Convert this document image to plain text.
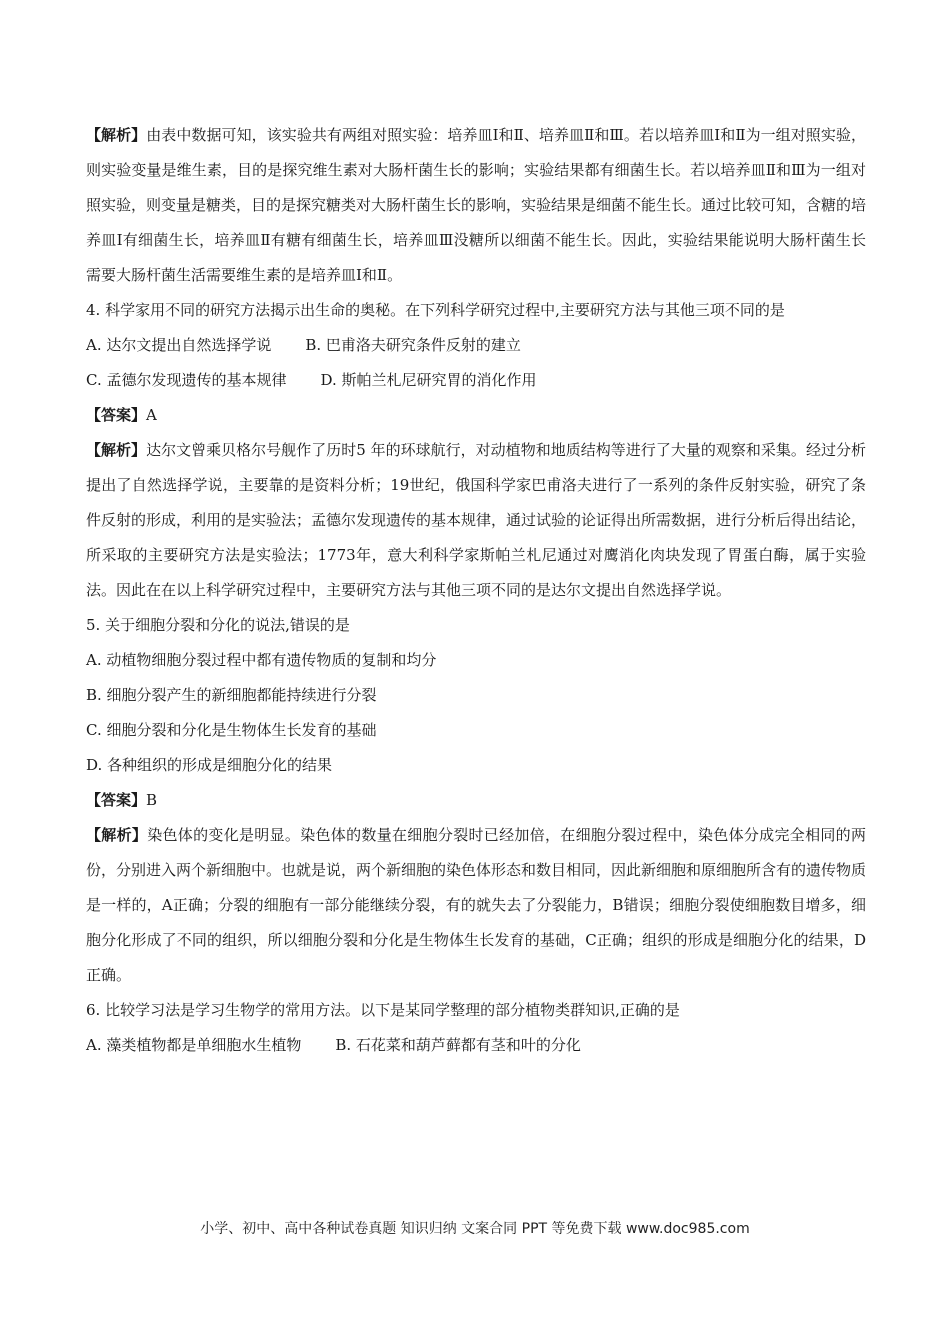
【解析】由表中数据可知，该实验共有两组对照实验：培养皿Ⅰ和Ⅱ、培养皿Ⅱ和Ⅲ。若以培养皿Ⅰ和Ⅱ为一组对照实验，则实验变量是维生素，目的是探究维生素对大肠杆菌生长的影响；实验结果都有细菌生长。若以培养皿Ⅱ和Ⅲ为一组对照实验，则变量是糖类，目的是探究糖类对大肠杆菌生长的影响，实验结果是细菌不能生长。通过比较可知，含糖的培养皿Ⅰ有细菌生长，培养皿Ⅱ有糖有细菌生长，培养皿Ⅲ没糖所以细菌不能生长。因此，实验结果能说明大肠杆菌生长需要大肠杆菌生活需要维生素的是培养皿Ⅰ和Ⅱ。

4. 科学家用不同的研究方法揭示出生命的奥秘。在下列科学研究过程中,主要研究方法与其他三项不同的是

A. 达尔文提出自然选择学说 B. 巴甫洛夫研究条件反射的建立
C. 孟德尔发现遗传的基本规律 D. 斯帕兰札尼研究胃的消化作用

【答案】A

【解析】达尔文曾乘贝格尔号舰作了历时5 年的环球航行，对动植物和地质结构等进行了大量的观察和采集。经过分析提出了自然选择学说，主要靠的是资料分析；19世纪，俄国科学家巴甫洛夫进行了一系列的条件反射实验，研究了条件反射的形成，利用的是实验法；孟德尔发现遗传的基本规律，通过试验的论证得出所需数据，进行分析后得出结论，所采取的主要研究方法是实验法；1773年，意大利科学家斯帕兰札尼通过对鹰消化肉块发现了胃蛋白酶，属于实验法。因此在在以上科学研究过程中，主要研究方法与其他三项不同的是达尔文提出自然选择学说。

5. 关于细胞分裂和分化的说法,错误的是

A. 动植物细胞分裂过程中都有遗传物质的复制和均分

B. 细胞分裂产生的新细胞都能持续进行分裂

C. 细胞分裂和分化是生物体生长发育的基础

D. 各种组织的形成是细胞分化的结果

【答案】B

【解析】染色体的变化是明显。染色体的数量在细胞分裂时已经加倍，在细胞分裂过程中，染色体分成完全相同的两份，分别进入两个新细胞中。也就是说，两个新细胞的染色体形态和数目相同，因此新细胞和原细胞所含有的遗传物质是一样的，A正确；分裂的细胞有一部分能继续分裂，有的就失去了分裂能力，B错误；细胞分裂使细胞数目增多，细胞分化形成了不同的组织，所以细胞分裂和分化是生物体生长发育的基础，C正确；组织的形成是细胞分化的结果，D正确。

6. 比较学习法是学习生物学的常用方法。以下是某同学整理的部分植物类群知识,正确的是

A. 藻类植物都是单细胞水生植物 B. 石花菜和葫芦藓都有茎和叶的分化
小学、初中、高中各种试卷真题 知识归纳 文案合同 PPT 等免费下载 www.doc985.com
